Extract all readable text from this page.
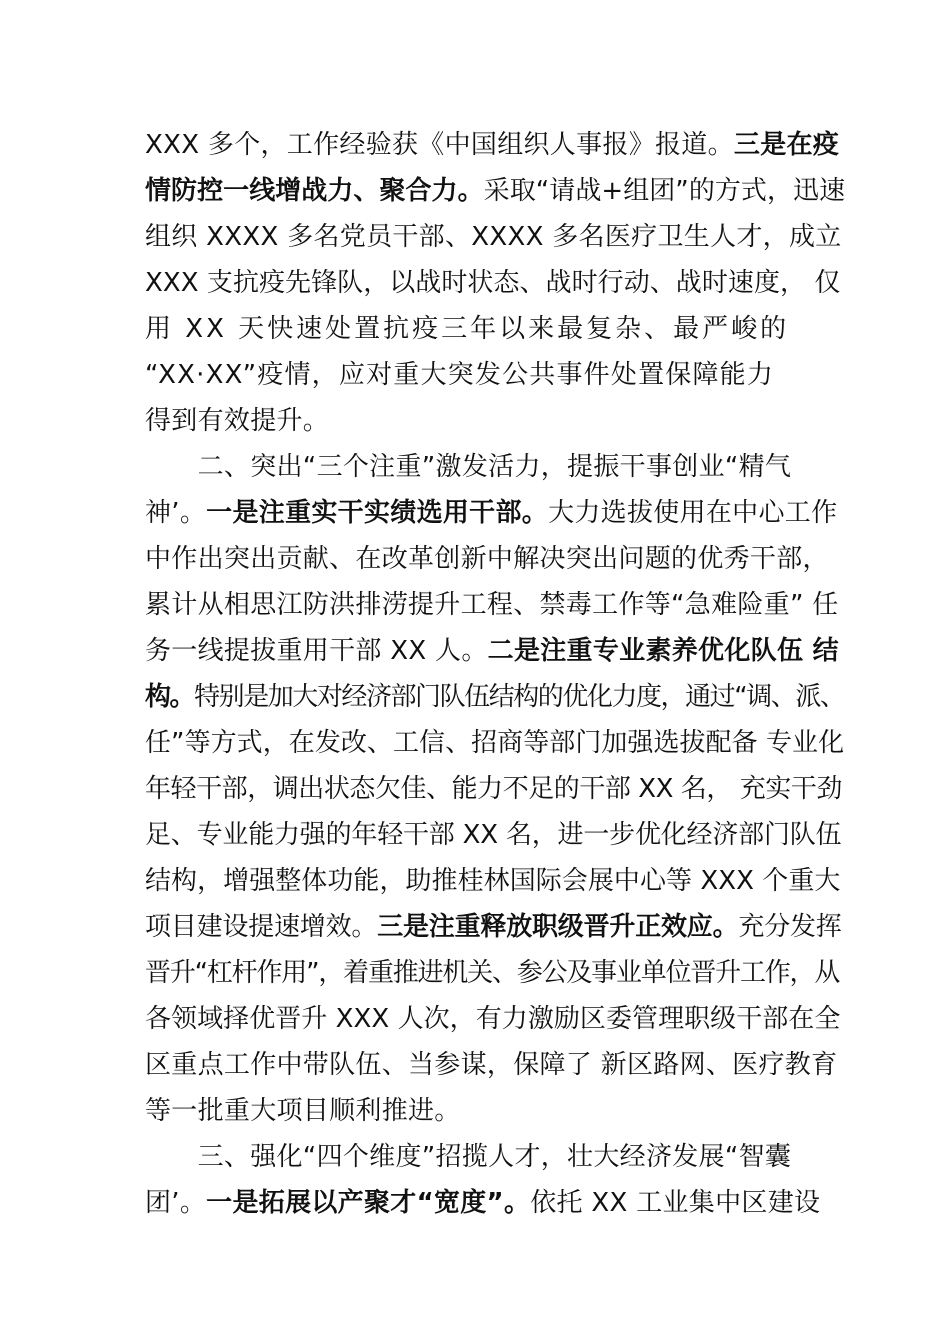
XXX 多个，工作经验获《中国组织人事报》报道。三是在疫
情防控一线增战力、聚合力。采取“请战+组团”的方式，迅速
组织 XXXX 多名党员干部、XXXX 多名医疗卫生人才，成立
XXX 支抗疫先锋队，以战时状态、战时行动、战时速度， 仅
用 XX 天快速处置抗疫三年以来最复杂、最严峻的
“XX·XX”疫情，应对重大突发公共事件处置保障能力
得到有效提升。
　　二、突出“三个注重”激发活力，提振干事创业“精气
神’。一是注重实干实绩选用干部。大力选拔使用在中心工作
中作出突出贡献、在改革创新中解决突出问题的优秀干部，
累计从相思江防洪排涝提升工程、禁毒工作等“急难险重” 任
务一线提拔重用干部 XX 人。二是注重专业素养优化队伍 结
构。特别是加大对经济部门队伍结构的优化力度，通过“调、派、
任”等方式，在发改、工信、招商等部门加强选拔配备 专业化
年轻干部，调出状态欠佳、能力不足的干部 XX 名， 充实干劲
足、专业能力强的年轻干部 XX 名，进一步优化经济部门队伍
结构，增强整体功能，助推桂林国际会展中心等 XXX 个重大
项目建设提速增效。三是注重释放职级晋升正效应。充分发挥
晋升“杠杆作用”，着重推进机关、参公及事业单位晋升工作，从
各领域择优晋升 XXX 人次，有力激励区委管理职级干部在全
区重点工作中带队伍、当参谋，保障了 新区路网、医疗教育
等一批重大项目顺利推进。
　　三、强化“四个维度”招揽人才，壮大经济发展“智囊
团’。一是拓展以产聚才“宽度”。依托 XX 工业集中区建设
